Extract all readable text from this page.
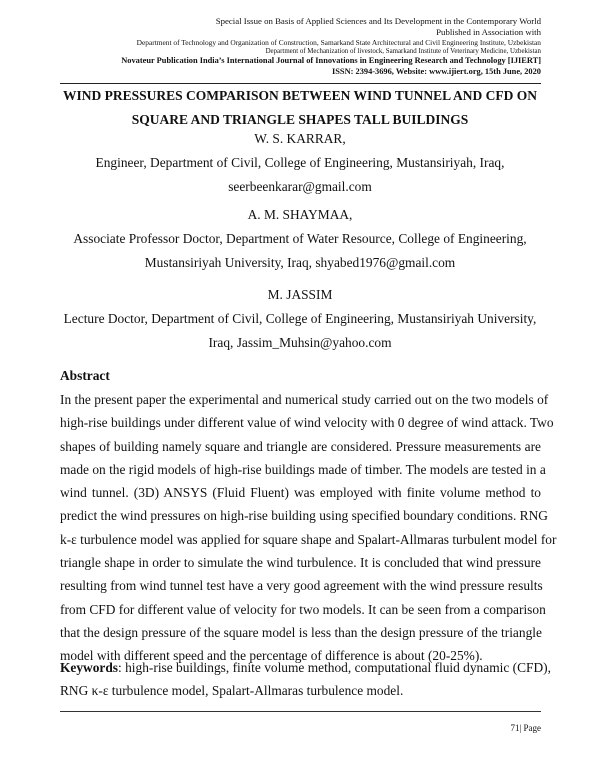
Special Issue on Basis of Applied Sciences and Its Development in the Contemporary World
Published in Association with
Department of Technology and Organization of Construction, Samarkand State Architectural and Civil Engineering Institute, Uzbekistan
Department of Mechanization of livestock, Samarkand Institute of Veterinary Medicine, Uzbekistan
Novateur Publication India’s International Journal of Innovations in Engineering Research and Technology [IJIERT]
ISSN: 2394-3696, Website: www.ijiert.org, 15th June, 2020
WIND PRESSURES COMPARISON BETWEEN WIND TUNNEL AND CFD ON
SQUARE AND TRIANGLE SHAPES TALL BUILDINGS
W. S. KARRAR,
Engineer, Department of Civil, College of Engineering, Mustansiriyah, Iraq,
seerbeenkarar@gmail.com
A. M. SHAYMAA,
Associate Professor Doctor, Department of Water Resource, College of Engineering,
Mustansiriyah University, Iraq, shyabed1976@gmail.com
M. JASSIM
Lecture Doctor, Department of Civil, College of Engineering, Mustansiriyah University,
Iraq, Jassim_Muhsin@yahoo.com
Abstract
In the present paper the experimental and numerical study carried out on the two models of
high-rise buildings under different value of wind velocity with 0 degree of wind attack. Two
shapes of building namely square and triangle are considered. Pressure measurements are
made on the rigid models of high-rise buildings made of timber. The models are tested in a
wind tunnel. (3D) ANSYS (Fluid Fluent) was employed with finite volume method to
predict the wind pressures on high-rise building using specified boundary conditions. RNG
k-ε turbulence model was applied for square shape and Spalart-Allmaras turbulent model for
triangle shape in order to simulate the wind turbulence. It is concluded that wind pressure
resulting from wind tunnel test have a very good agreement with the wind pressure results
from CFD for different value of velocity for two models. It can be seen from a comparison
that the design pressure of the square model is less than the design pressure of the triangle
model with different speed and the percentage of difference is about (20-25%).
Keywords: high-rise buildings, finite volume method, computational fluid dynamic (CFD),
RNG κ-ε turbulence model, Spalart-Allmaras turbulence model.
71| Page
